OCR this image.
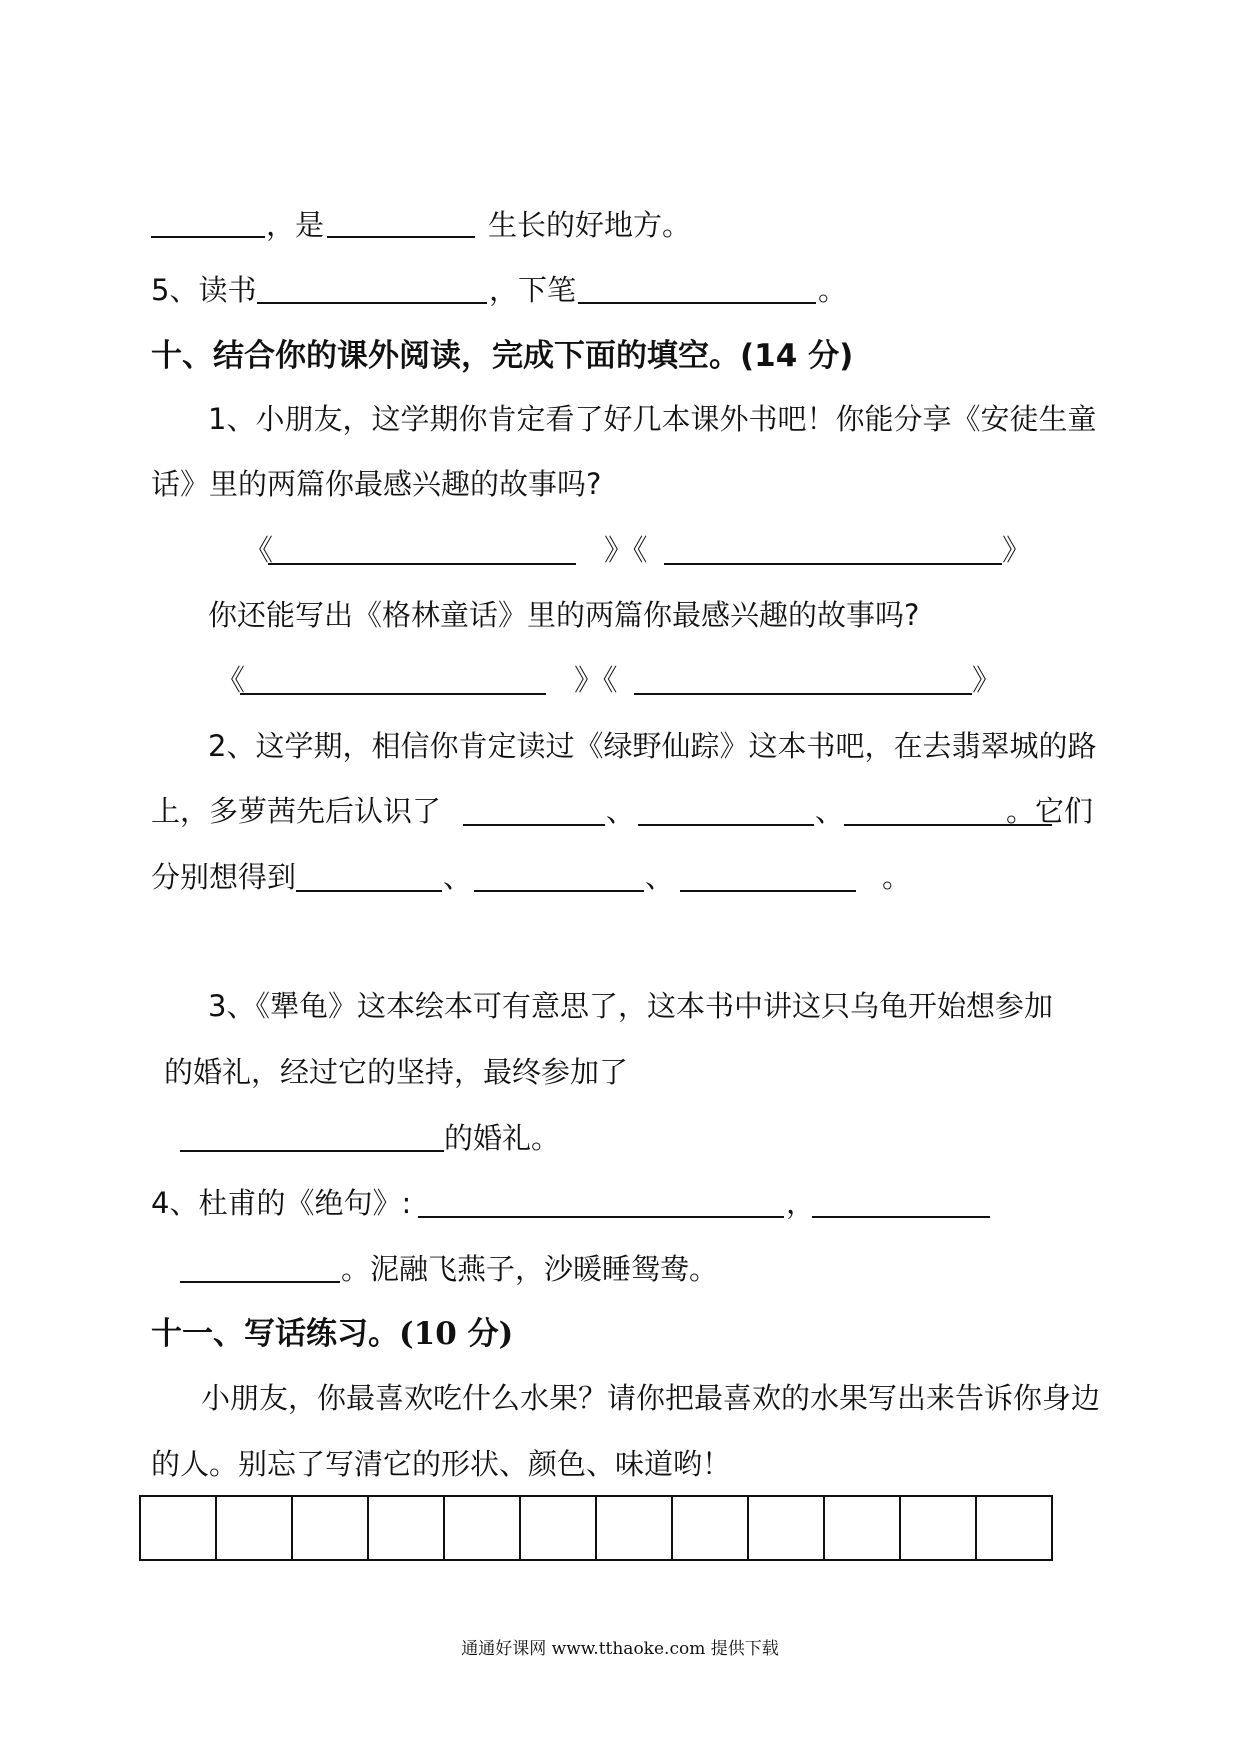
，是	生长的好地方。
5、读书	，下笔	。
十、结合你的课外阅读，完成下面的填空。(14 分)
1、小朋友，这学期你肯定看了好几本课外书吧！你能分享《安徒生童
话》里的两篇你最感兴趣的故事吗?
《	》《	》
你还能写出《格林童话》里的两篇你最感兴趣的故事吗?
《	》《	》
2、这学期，相信你肯定读过《绿野仙踪》这本书吧，在去翡翠城的路
上，多萝茜先后认识了	、	、	。它们
分别想得到	、	、	。
3、《犟龟》这本绘本可有意思了，这本书中讲这只乌龟开始想参加
的婚礼，经过它的坚持，最终参加了
的婚礼。
4、杜甫的《绝句》:	，
。泥融飞燕子，沙暖睡鸳鸯。
十一、写话练习。(10 分)
小朋友，你最喜欢吃什么水果？请你把最喜欢的水果写出来告诉你身边
的人。别忘了写清它的形状、颜色、味道哟！
通通好课网 www.tthaoke.com 提供下载
